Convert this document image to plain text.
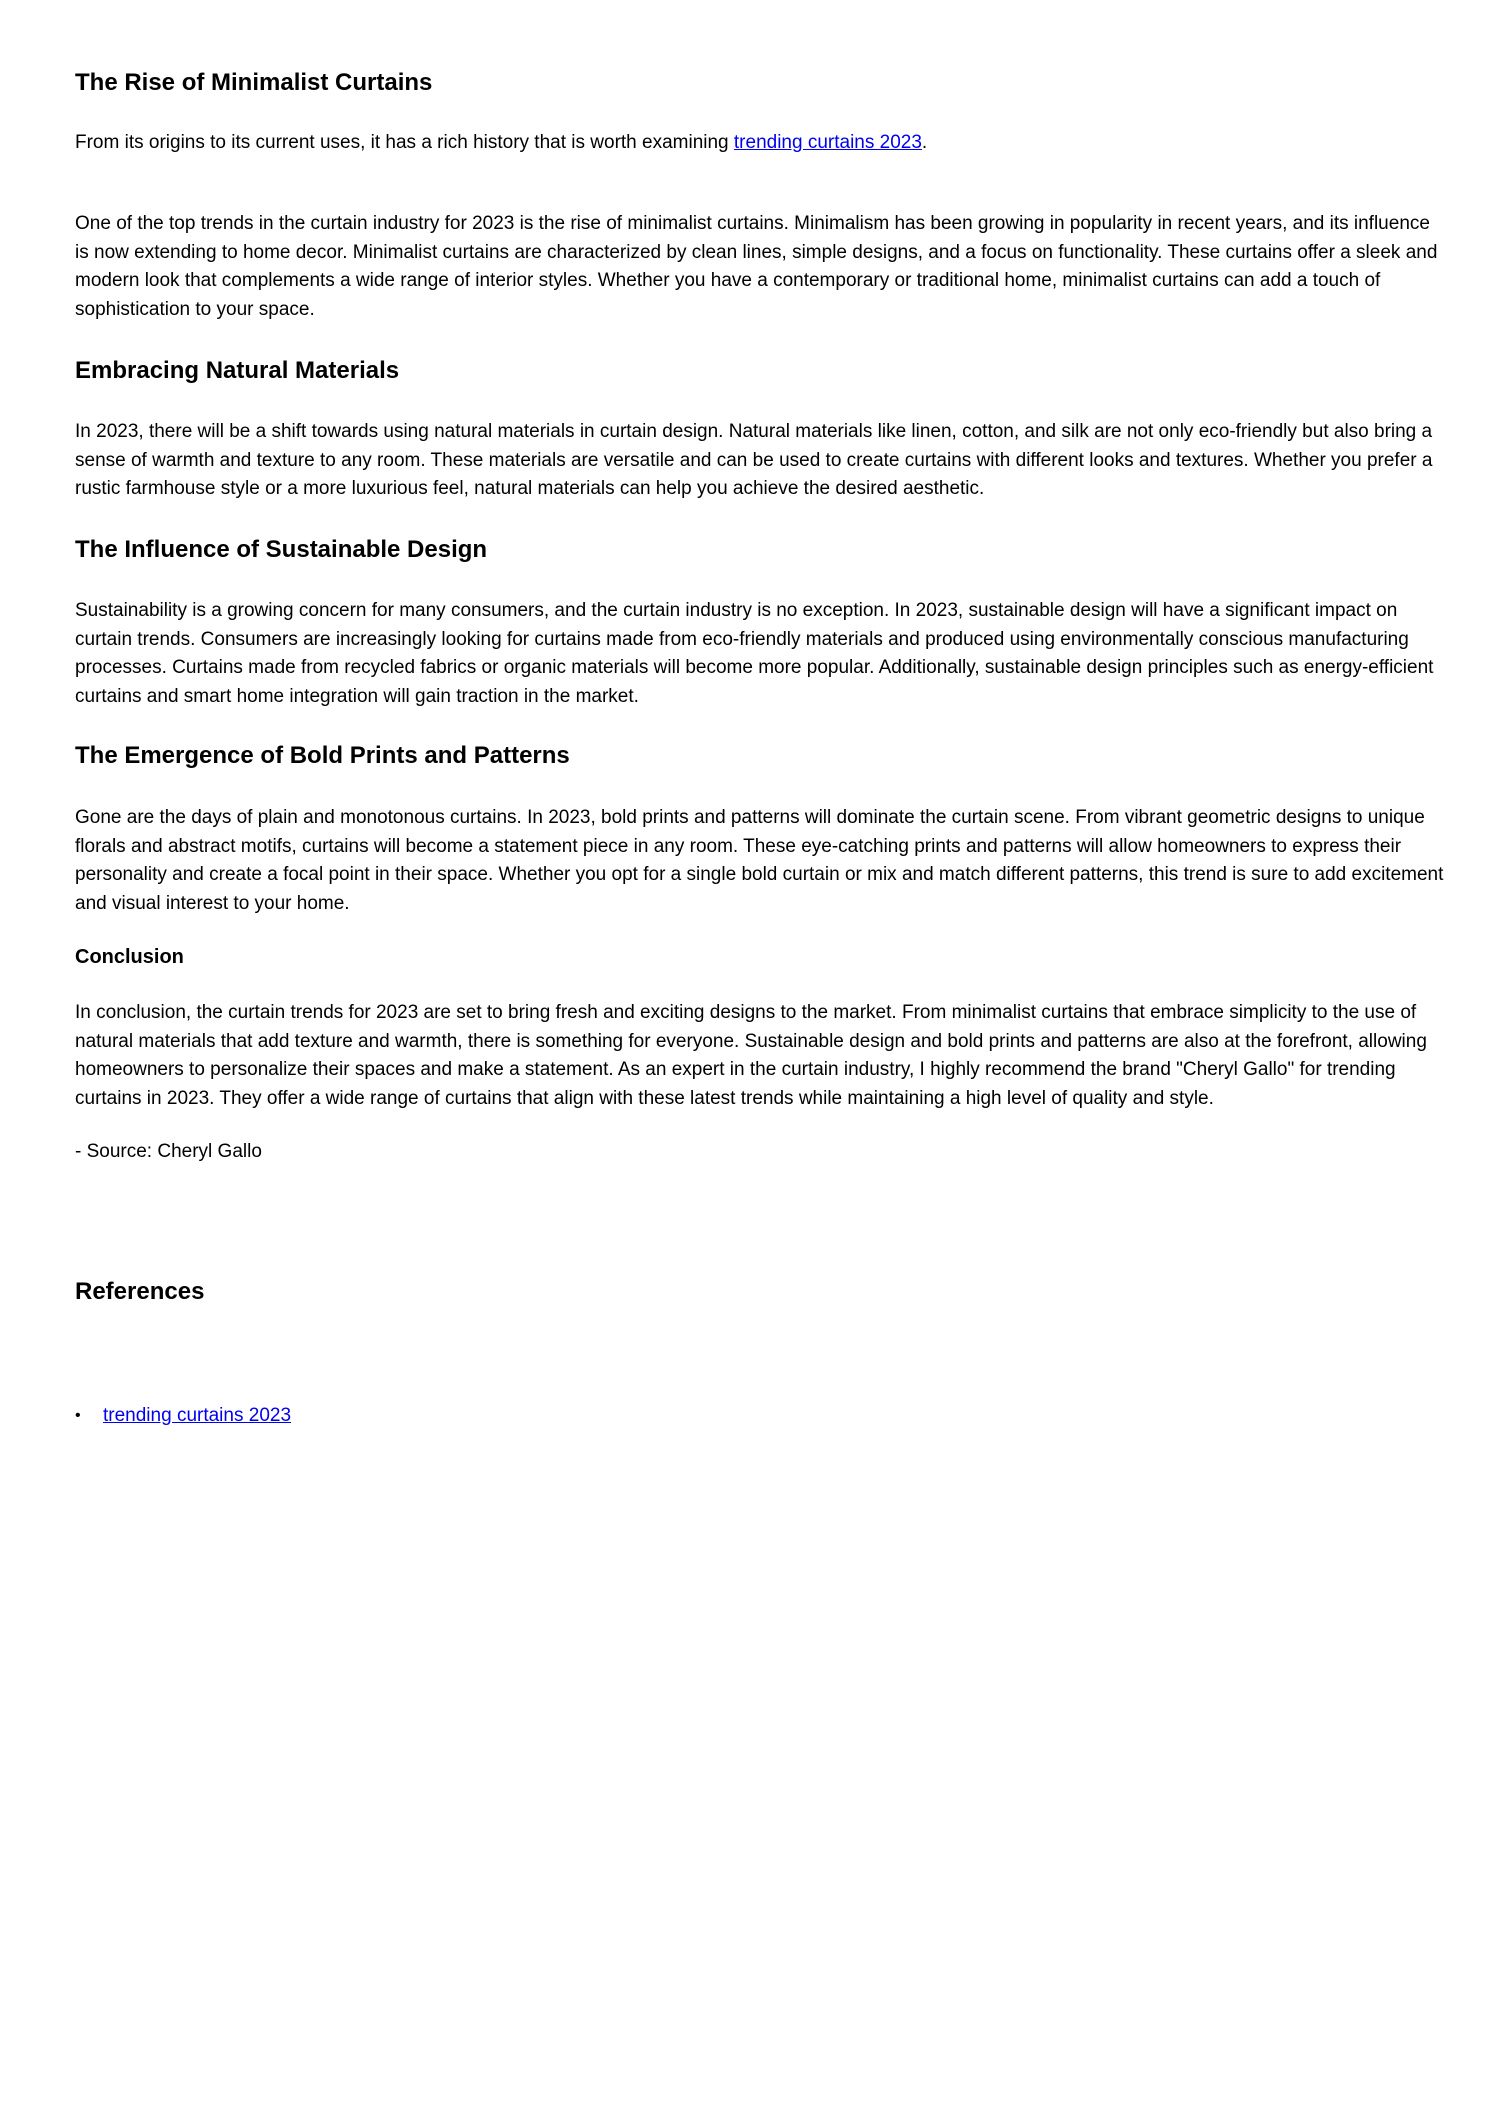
The Rise of Minimalist Curtains

From its origins to its current uses, it has a rich history that is worth examining trending curtains 2023.

One of the top trends in the curtain industry for 2023 is the rise of minimalist curtains. Minimalism has been growing in popularity in recent years, and its influence is now extending to home decor. Minimalist curtains are characterized by clean lines, simple designs, and a focus on functionality. These curtains offer a sleek and modern look that complements a wide range of interior styles. Whether you have a contemporary or traditional home, minimalist curtains can add a touch of sophistication to your space.

Embracing Natural Materials

In 2023, there will be a shift towards using natural materials in curtain design. Natural materials like linen, cotton, and silk are not only eco-friendly but also bring a sense of warmth and texture to any room. These materials are versatile and can be used to create curtains with different looks and textures. Whether you prefer a rustic farmhouse style or a more luxurious feel, natural materials can help you achieve the desired aesthetic.

The Influence of Sustainable Design

Sustainability is a growing concern for many consumers, and the curtain industry is no exception. In 2023, sustainable design will have a significant impact on curtain trends. Consumers are increasingly looking for curtains made from eco-friendly materials and produced using environmentally conscious manufacturing processes. Curtains made from recycled fabrics or organic materials will become more popular. Additionally, sustainable design principles such as energy-efficient curtains and smart home integration will gain traction in the market.

The Emergence of Bold Prints and Patterns

Gone are the days of plain and monotonous curtains. In 2023, bold prints and patterns will dominate the curtain scene. From vibrant geometric designs to unique florals and abstract motifs, curtains will become a statement piece in any room. These eye-catching prints and patterns will allow homeowners to express their personality and create a focal point in their space. Whether you opt for a single bold curtain or mix and match different patterns, this trend is sure to add excitement and visual interest to your home.

Conclusion

In conclusion, the curtain trends for 2023 are set to bring fresh and exciting designs to the market. From minimalist curtains that embrace simplicity to the use of natural materials that add texture and warmth, there is something for everyone. Sustainable design and bold prints and patterns are also at the forefront, allowing homeowners to personalize their spaces and make a statement. As an expert in the curtain industry, I highly recommend the brand "Cheryl Gallo" for trending curtains in 2023. They offer a wide range of curtains that align with these latest trends while maintaining a high level of quality and style.

- Source: Cheryl Gallo

References
• trending curtains 2023
